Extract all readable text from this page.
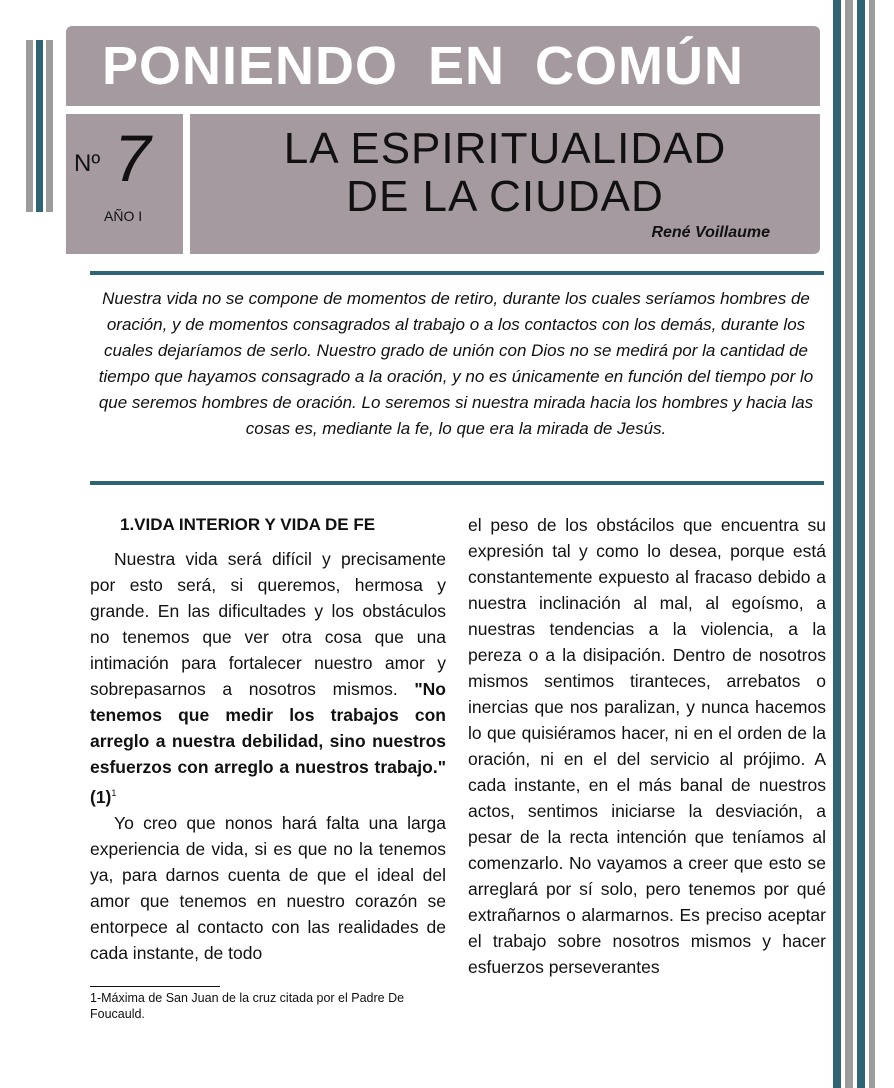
PONIENDO EN COMÚN
Nº 7
AÑO I
LA ESPIRITUALIDAD
DE LA CIUDAD
René Voillaume
Nuestra vida no se compone de momentos de retiro, durante los cuales seríamos hombres de oración, y de momentos consagrados al trabajo o a los contactos con los demás, durante los cuales dejaríamos de serlo. Nuestro grado de unión con Dios no se medirá por la cantidad de tiempo que hayamos consagrado a la oración, y no es únicamente en función del tiempo por lo que seremos hombres de oración. Lo seremos si nuestra mirada hacia los hombres y hacia las cosas es, mediante la fe, lo que era la mirada de Jesús.
1.VIDA INTERIOR Y VIDA DE FE

Nuestra vida será difícil y precisamente por esto será, si queremos, hermosa y grande. En las dificultades y los obstáculos no tenemos que ver otra cosa que una intimación para fortalecer nuestro amor y sobrepasarnos a nosotros mismos. "No tenemos que medir los trabajos con arreglo a nuestra debilidad, sino nuestros esfuerzos con arreglo a nuestros trabajo." $(1)^1$

Yo creo que nonos hará falta una larga experiencia de vida, si es que no la tenemos ya, para darnos cuenta de que el ideal del amor que tenemos en nuestro corazón se entorpece al contacto con las realidades de cada instante, de todo

1-Máxima de San Juan de la cruz citada por el Padre De Foucauld.

el peso de los obstácilos que encuentra su expresión tal y como lo desea, porque está constantemente expuesto al fracaso debido a nuestra inclinación al mal, al egoísmo, a nuestras tendencias a la violencia, a la pereza o a la disipación. Dentro de nosotros mismos sentimos tiranteces, arrebatos o inercias que nos paralizan, y nunca hacemos lo que quisiéramos hacer, ni en el orden de la oración, ni en el del servicio al prójimo. A cada instante, en el más banal de nuestros actos, sentimos iniciarse la desviación, a pesar de la recta intención que teníamos al comenzarlo. No vayamos a creer que esto se arreglará por sí solo, pero tenemos por qué extrañarnos o alarmarnos. Es preciso aceptar el trabajo sobre nosotros mismos y hacer esfuerzos perseverantes
